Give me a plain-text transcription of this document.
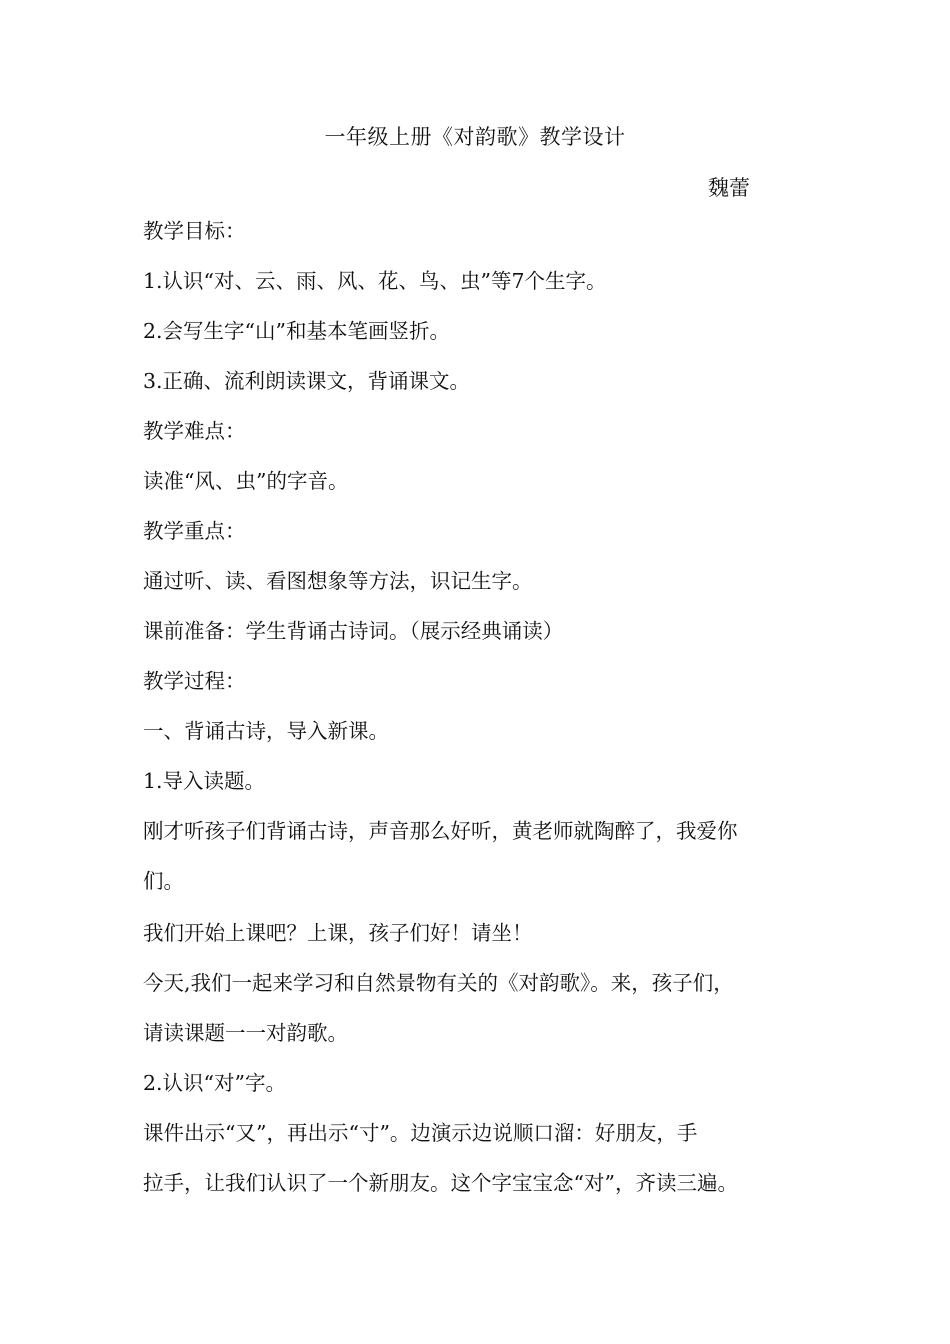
一年级上册《对韵歌》教学设计
魏蕾
教学目标：
1.认识“对、云、雨、风、花、鸟、虫”等7个生字。
2.会写生字“山”和基本笔画竖折。
3.正确、流利朗读课文，背诵课文。
教学难点：
读准“风、虫”的字音。
教学重点：
通过听、读、看图想象等方法，识记生字。
课前准备：学生背诵古诗词。（展示经典诵读）
教学过程：
一、背诵古诗，导入新课。
1.导入读题。
刚才听孩子们背诵古诗，声音那么好听，黄老师就陶醉了，我爱你
们。
我们开始上课吧？上课，孩子们好！请坐！
今天,我们一起来学习和自然景物有关的《对韵歌》。来，孩子们，
请读课题一一对韵歌。
2.认识“对”字。
课件出示“又”，再出示“寸”。边演示边说顺口溜：好朋友，手
拉手，让我们认识了一个新朋友。这个字宝宝念“对”，齐读三遍。
